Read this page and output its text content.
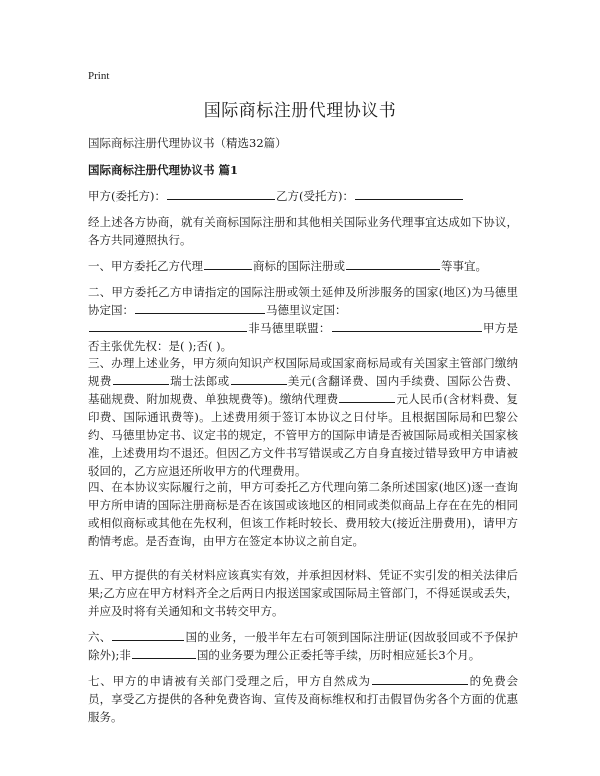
Print
国际商标注册代理协议书
国际商标注册代理协议书（精选32篇）
国际商标注册代理协议书 篇1
甲方(委托方)：	乙方(受托方)：
经上述各方协商，就有关商标国际注册和其他相关国际业务代理事宜达成如下协议，各方共同遵照执行。
一、甲方委托乙方代理	商标的国际注册或	等事宜。
二、甲方委托乙方申请指定的国际注册或领土延伸及所涉服务的国家(地区)为马德里协定国：	马德里议定国：
非马德里联盟：	甲方是否主张优先权：是( );否( )。
三、办理上述业务，甲方须向知识产权国际局或国家商标局或有关国家主管部门缴纳规费	瑞士法郎或	美元(含翻译费、国内手续费、国际公告费、基础规费、附加规费、单独规费等)。缴纳代理费	元人民币(含材料费、复印费、国际通讯费等)。上述费用须于签订本协议之日付毕。且根据国际局和巴黎公约、马德里协定书、议定书的规定，不管甲方的国际申请是否被国际局或相关国家核准，上述费用均不退还。但因乙方文件书写错误或乙方自身直接过错导致甲方申请被驳回的，乙方应退还所收甲方的代理费用。
四、在本协议实际履行之前，甲方可委托乙方代理向第二条所述国家(地区)逐一查询甲方所申请的国际注册商标是否在该国或该地区的相同或类似商品上存在在先的相同或相似商标或其他在先权利，但该工作耗时较长、费用较大(接近注册费用)，请甲方酌情考虑。是否查询，由甲方在签定本协议之前自定。
五、甲方提供的有关材料应该真实有效，并承担因材料、凭证不实引发的相关法律后果;乙方应在甲方材料齐全之后两日内报送国家或国际局主管部门，不得延误或丢失，并应及时将有关通知和文书转交甲方。
六、	国的业务，一般半年左右可领到国际注册证(因故驳回或不予保护除外);非	国的业务要为理公正委托等手续，历时相应延长3个月。
七、甲方的申请被有关部门受理之后，甲方自然成为	的免费会员，享受乙方提供的各种免费咨询、宣传及商标维权和打击假冒伪劣各个方面的优惠服务。
